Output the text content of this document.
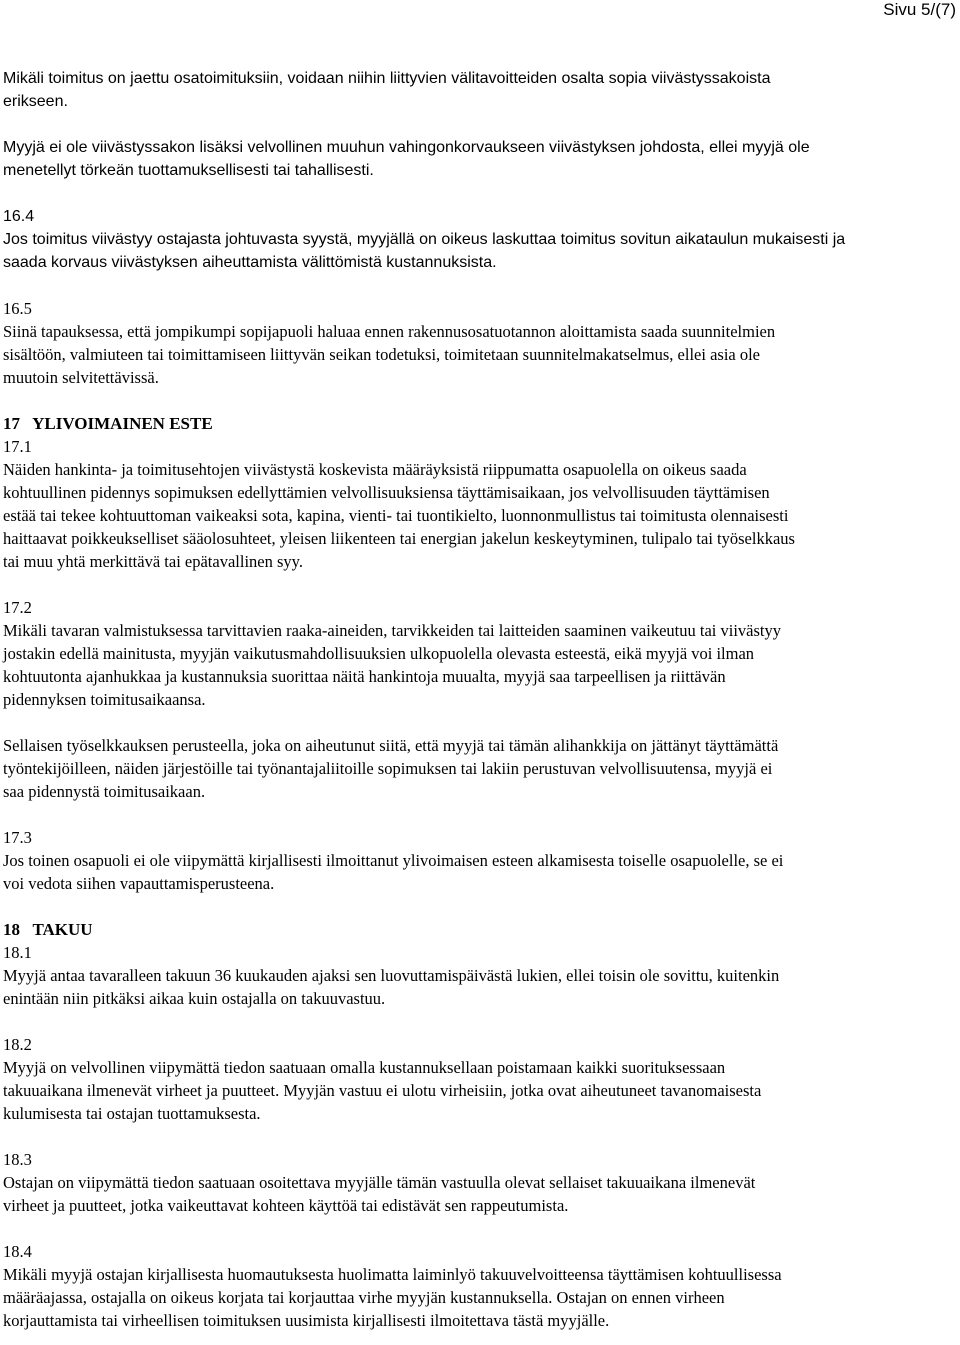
Sivu 5/(7)
Mikäli toimitus on jaettu osatoimituksiin, voidaan niihin liittyvien välitavoitteiden osalta sopia viivästyssakoista
erikseen.
Myyjä ei ole viivästyssakon lisäksi velvollinen muuhun vahingonkorvaukseen viivästyksen johdosta, ellei myyjä ole
menetellyt törkeän tuottamuksellisesti tai tahallisesti.
16.4
Jos toimitus viivästyy ostajasta johtuvasta syystä, myyjällä on oikeus laskuttaa toimitus sovitun aikataulun mukaisesti ja
saada korvaus viivästyksen aiheuttamista välittömistä kustannuksista.
16.5
Siinä tapauksessa, että jompikumpi sopijapuoli haluaa ennen rakennusosatuotannon aloittamista saada suunnitelmien
sisältöön, valmiuteen tai toimittamiseen liittyvän seikan todetuksi, toimitetaan suunnitelmakatselmus, ellei asia ole
muutoin selvitettävissä.
17   YLIVOIMAINEN ESTE
17.1
Näiden hankinta- ja toimitusehtojen viivästystä koskevista määräyksistä riippumatta osapuolella on oikeus saada
kohtuullinen pidennys sopimuksen edellyttämien velvollisuuksiensa täyttämisaikaan, jos velvollisuuden täyttämisen
estää tai tekee kohtuuttoman vaikeaksi sota, kapina, vienti- tai tuontikielto, luonnonmullistus tai toimitusta olennaisesti
haittaavat poikkeukselliset sääolosuhteet, yleisen liikenteen tai energian jakelun keskeytyminen, tulipalo tai työselkkaus
tai muu yhtä merkittävä tai epätavallinen syy.
17.2
Mikäli tavaran valmistuksessa tarvittavien raaka-aineiden, tarvikkeiden tai laitteiden saaminen vaikeutuu tai viivästyy
jostakin edellä mainitusta, myyjän vaikutusmahdollisuuksien ulkopuolella olevasta esteestä, eikä myyjä voi ilman
kohtuutonta ajanhukkaa ja kustannuksia suorittaa näitä hankintoja muualta, myyjä saa tarpeellisen ja riittävän
pidennyksen toimitusaikaansa.
Sellaisen työselkkauksen perusteella, joka on aiheutunut siitä, että myyjä tai tämän alihankkija on jättänyt täyttämättä
työntekijöilleen, näiden järjestöille tai työnantajaliitoille sopimuksen tai lakiin perustuvan velvollisuutensa, myyjä ei
saa pidennystä toimitusaikaan.
17.3
Jos toinen osapuoli ei ole viipymättä kirjallisesti ilmoittanut ylivoimaisen esteen alkamisesta toiselle osapuolelle, se ei
voi vedota siihen vapauttamisperusteena.
18   TAKUU
18.1
Myyjä antaa tavaralleen takuun 36 kuukauden ajaksi sen luovuttamispäivästä lukien, ellei toisin ole sovittu, kuitenkin
enintään niin pitkäksi aikaa kuin ostajalla on takuuvastuu.
18.2
Myyjä on velvollinen viipymättä tiedon saatuaan omalla kustannuksellaan poistamaan kaikki suorituksessaan
takuuaikana ilmenevät virheet ja puutteet. Myyjän vastuu ei ulotu virheisiin, jotka ovat aiheutuneet tavanomaisesta
kulumisesta tai ostajan tuottamuksesta.
18.3
Ostajan on viipymättä tiedon saatuaan osoitettava myyjälle tämän vastuulla olevat sellaiset takuuaikana ilmenevät
virheet ja puutteet, jotka vaikeuttavat kohteen käyttöä tai edistävät sen rappeutumista.
18.4
Mikäli myyjä ostajan kirjallisesta huomautuksesta huolimatta laiminlyö takuuvelvoitteensa täyttämisen kohtuullisessa
määräajassa, ostajalla on oikeus korjata tai korjauttaa virhe myyjän kustannuksella. Ostajan on ennen virheen
korjauttamista tai virheellisen toimituksen uusimista kirjallisesti ilmoitettava tästä myyjälle.
